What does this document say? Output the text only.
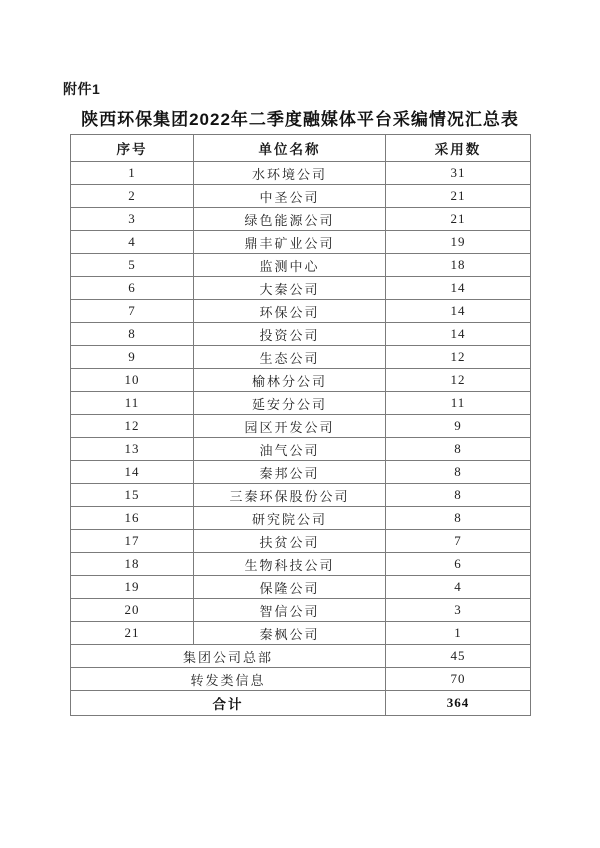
附件1
陕西环保集团2022年二季度融媒体平台采编情况汇总表
序号	单位名称	采用数
1	水环境公司	31
2	中圣公司	21
3	绿色能源公司	21
4	鼎丰矿业公司	19
5	监测中心	18
6	大秦公司	14
7	环保公司	14
8	投资公司	14
9	生态公司	12
10	榆林分公司	12
11	延安分公司	11
12	园区开发公司	9
13	油气公司	8
14	秦邦公司	8
15	三秦环保股份公司	8
16	研究院公司	8
17	扶贫公司	7
18	生物科技公司	6
19	保隆公司	4
20	智信公司	3
21	秦枫公司	1
集团公司总部		45
转发类信息		70
合计		364
